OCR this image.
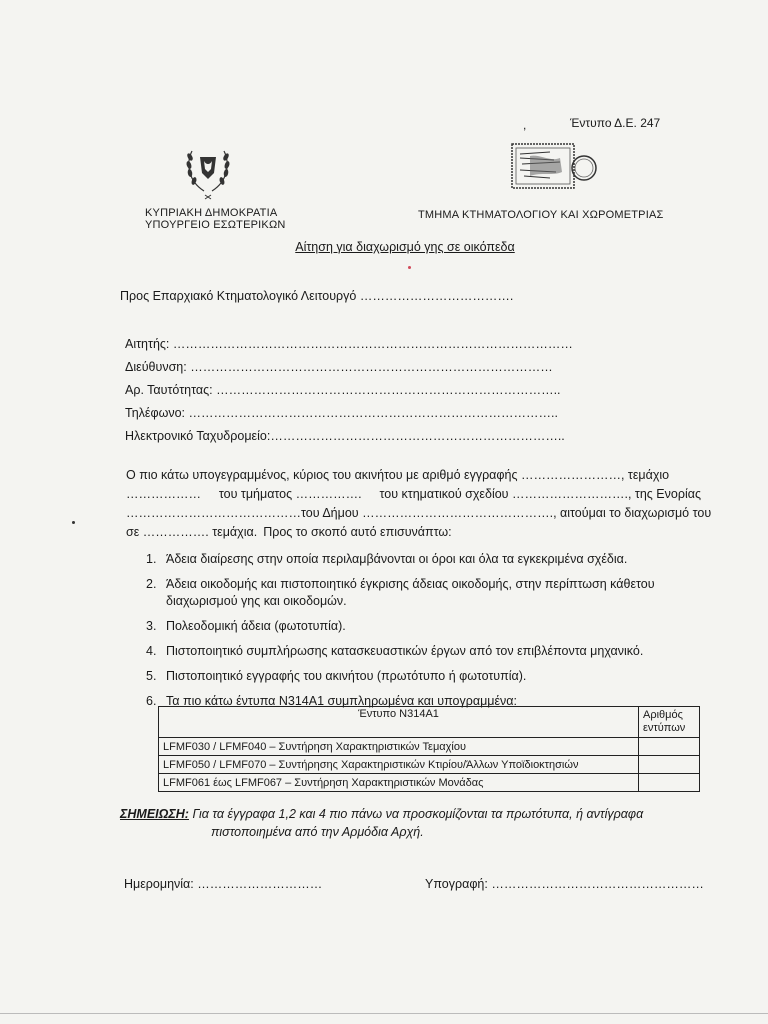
,	Έντυπο Δ.Ε. 247
ΚΥΠΡΙΑΚΗ ΔΗΜΟΚΡΑΤΙΑ
ΥΠΟΥΡΓΕΙΟ ΕΣΩΤΕΡΙΚΩΝ
ΤΜΗΜΑ ΚΤΗΜΑΤΟΛΟΓΙΟΥ ΚΑΙ ΧΩΡΟΜΕΤΡΙΑΣ
Αίτηση για διαχωρισμό γης σε οικόπεδα
Προς Επαρχιακό Κτηματολογικό Λειτουργό ……………………………….
Αιτητής: ……………………………………………………………………………………
Διεύθυνση: ……………………………………………………………………………
Αρ. Ταυτότητας: ………………………………………………………………………..
Τηλέφωνο: ……………………………………………………………………………..
Ηλεκτρονικό Ταχυδρομείο:……………………………………………………………..
Ο πιο κάτω υπογεγραμμένος, κύριος του ακινήτου με αριθμό εγγραφής ……………………, τεμάχιο
……………… του τμήματος ……………. του κτηματικού σχεδίου ………………………., της Ενορίας
…………………………………… του Δήμου ………………………………………., αιτούμαι το διαχωρισμό του
σε ……………. τεμάχια. Προς το σκοπό αυτό επισυνάπτω:
1. Άδεια διαίρεσης στην οποία περιλαμβάνονται οι όροι και όλα τα εγκεκριμένα σχέδια.
2. Άδεια οικοδομής και πιστοποιητικό έγκρισης άδειας οικοδομής, στην περίπτωση κάθετου διαχωρισμού γης και οικοδομών.
3. Πολεοδομική άδεια (φωτοτυπία).
4. Πιστοποιητικό συμπλήρωσης κατασκευαστικών έργων από τον επιβλέποντα μηχανικό.
5. Πιστοποιητικό εγγραφής του ακινήτου (πρωτότυπο ή φωτοτυπία).
6. Τα πιο κάτω έντυπα N314A1 συμπληρωμένα και υπογραμμένα:
Έντυπο N314A1	Αριθμός
εντύπων

LFMF030 / LFMF040 – Συντήρηση Χαρακτηριστικών Τεμαχίου	
LFMF050 / LFMF070 – Συντήρησης Χαρακτηριστικών Κτιρίου/Άλλων Υποϊδιοκτησιών	
LFMF061 έως LFMF067 – Συντήρηση Χαρακτηριστικών Μονάδας	
ΣΗΜΕΙΩΣΗ: Για τα έγγραφα 1,2 και 4 πιο πάνω να προσκομίζονται τα πρωτότυπα, ή αντίγραφα
πιστοποιημένα από την Αρμόδια Αρχή.
Ημερομηνία: …………………………	Υπογραφή: ……………………………………………
